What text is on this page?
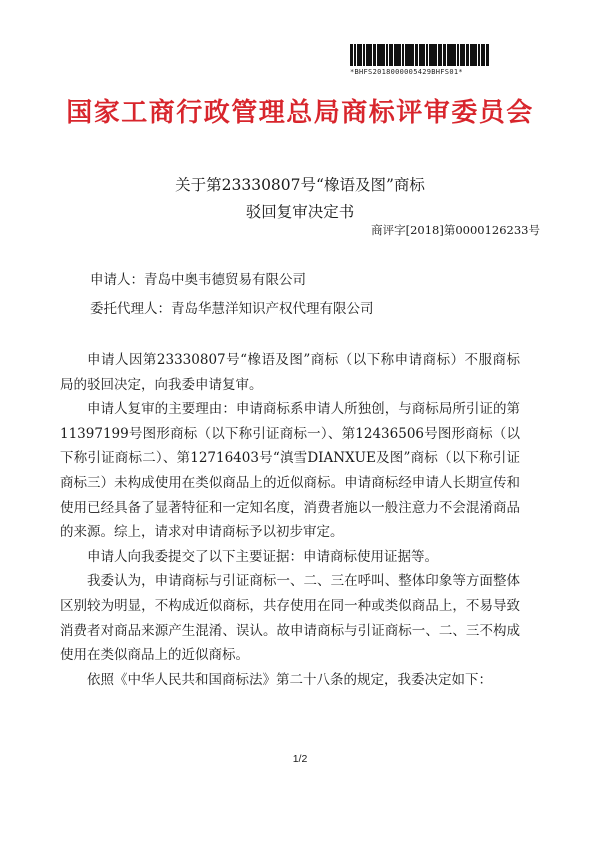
*BHFS2018000005429BHFS01*
国家工商行政管理总局商标评审委员会
关于第23330807号“橡语及图”商标
驳回复审决定书
商评字[2018]第0000126233号
申请人：青岛中奥韦德贸易有限公司
委托代理人：青岛华慧洋知识产权代理有限公司

申请人因第23330807号“橡语及图”商标（以下称申请商标）不服商标局的驳回决定，向我委申请复审。

申请人复审的主要理由：申请商标系申请人所独创，与商标局所引证的第11397199号图形商标（以下称引证商标一）、第12436506号图形商标（以下称引证商标二）、第12716403号“滇雪DIANXUE及图”商标（以下称引证商标三）未构成使用在类似商品上的近似商标。申请商标经申请人长期宣传和使用已经具备了显著特征和一定知名度，消费者施以一般注意力不会混淆商品的来源。综上，请求对申请商标予以初步审定。

申请人向我委提交了以下主要证据：申请商标使用证据等。

我委认为，申请商标与引证商标一、二、三在呼叫、整体印象等方面整体区别较为明显，不构成近似商标，共存使用在同一种或类似商品上，不易导致消费者对商品来源产生混淆、误认。故申请商标与引证商标一、二、三不构成使用在类似商品上的近似商标。

依照《中华人民共和国商标法》第二十八条的规定，我委决定如下：

1/2
